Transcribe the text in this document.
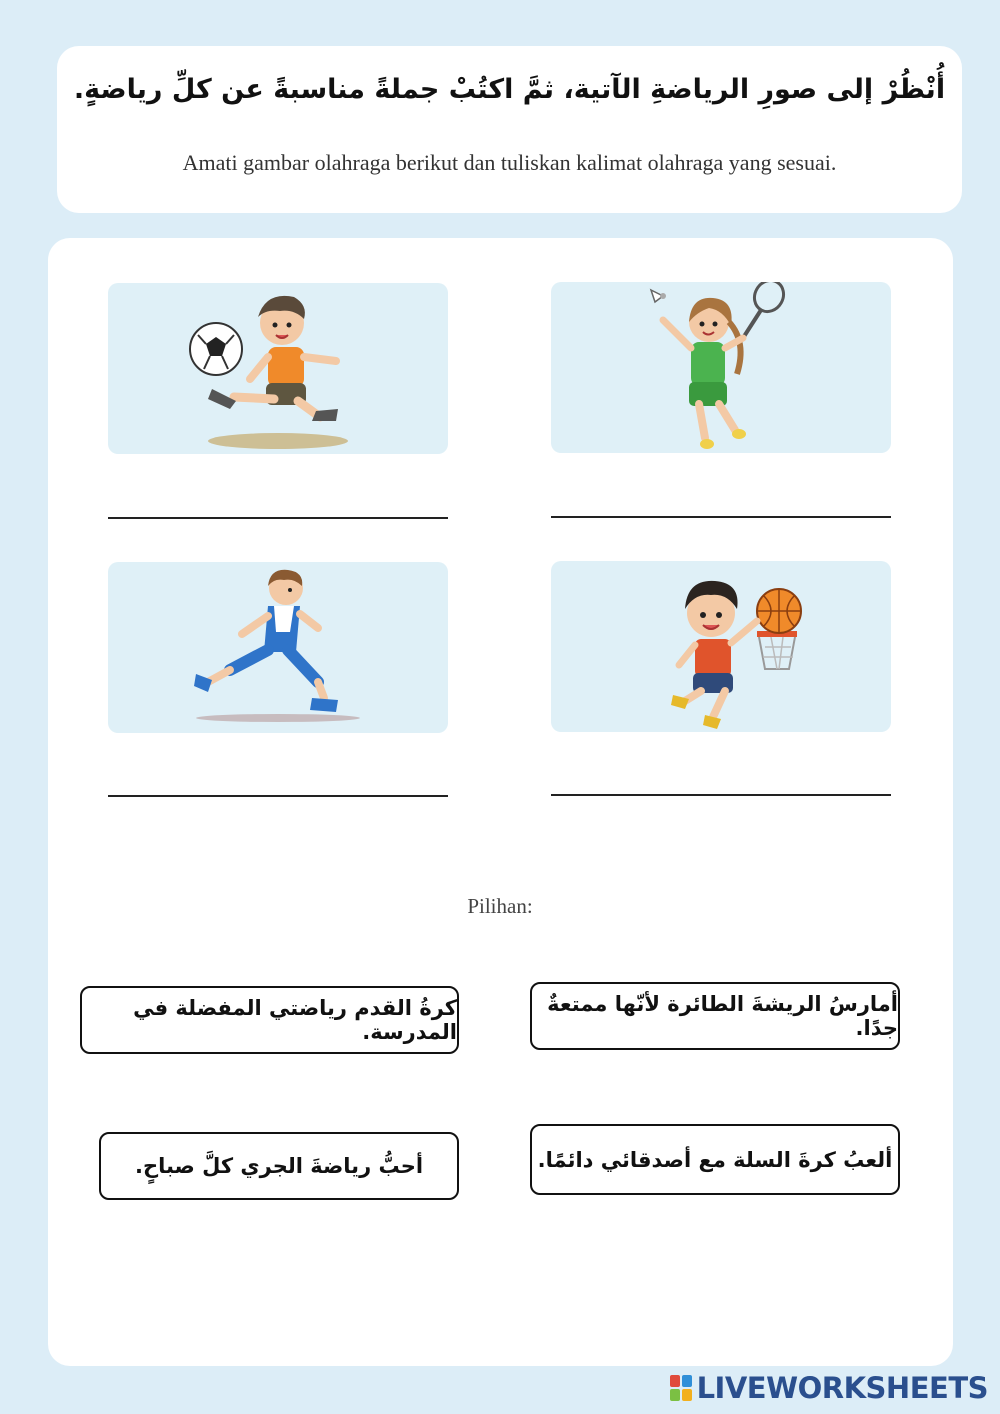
أُنْظُرْ إلى صورِ الرياضةِ الآتية، ثمَّ اكتُبْ جملةً مناسبةً عن كلِّ رياضةٍ.
Amati gambar olahraga berikut dan tuliskan kalimat olahraga yang sesuai.
Pilihan:
كرةُ القدم رياضتي المفضلة في المدرسة.
أمارسُ الريشةَ الطائرة لأنّها ممتعةٌ جدًا.
أحبُّ رياضةَ الجري كلَّ صباحٍ.	ألعبُ كرةَ السلة مع أصدقائي دائمًا.
LIVEWORKSHEETS
